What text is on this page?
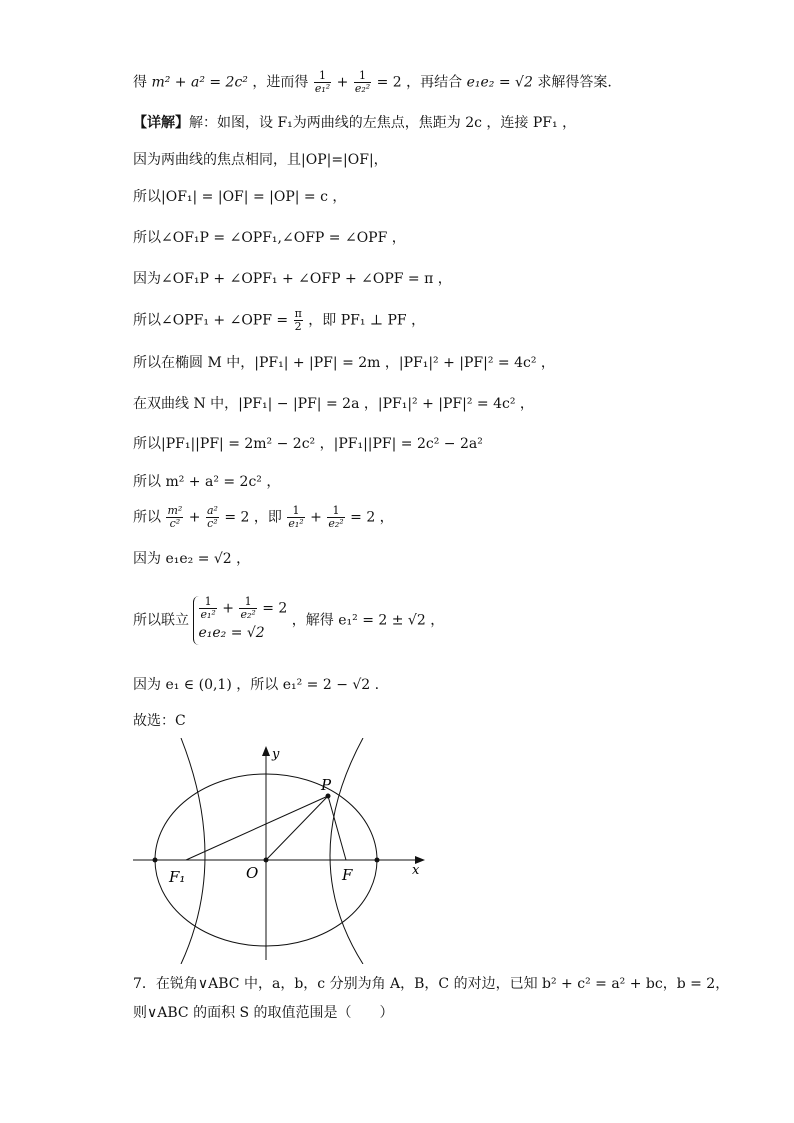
得 m² + a² = 2c² ，进而得 $\frac{1}{\text{e₁²}} + \frac{1}{\text{e₂²}} = 2$ ，再结合 e₁e₂ = √2 求解得答案.
【详解】解：如图，设 F₁为两曲线的左焦点，焦距为 2c ，连接 PF₁ ，
因为两曲线的焦点相同，且|OP|=|OF|，
所以|OF₁| = |OF| = |OP| = c ，
所以∠OF₁P = ∠OPF₁,∠OFP = ∠OPF ，
因为∠OF₁P + ∠OPF₁ + ∠OFP + ∠OPF = π ，
所以∠OPF₁ + ∠OPF = $\frac{\pi}{2}$ ，即 PF₁ ⊥ PF ，
所以在椭圆 M 中，|PF₁| + |PF| = 2m ，|PF₁|² + |PF|² = 4c² ，
在双曲线 N 中，|PF₁| − |PF| = 2a ，|PF₁|² + |PF|² = 4c² ，
所以|PF₁||PF| = 2m² − 2c² ，|PF₁||PF| = 2c² − 2a²
所以 m² + a² = 2c² ，
所以 $\frac{\text{m²}}{\text{c²}} + \frac{\text{a²}}{\text{c²}} = 2$ ，即 $\frac{1}{\text{e₁²}} + \frac{1}{\text{e₂²}} = 2$ ，
因为 e₁e₂ = √2 ，
所以联立 $\frac{1}{\text{e₁²}} + \frac{1}{\text{e₂²}} = 2$
e₁e₂ = √2
，解得 e₁² = 2 ± √2 ，
因为 e₁ ∈ (0,1) ，所以 e₁² = 2 − √2 .
故选：C
y
x
P
F₁	O	F
7．在锐角∨ABC 中，a，b，c 分别为角 A，B，C 的对边，已知 b² + c² = a² + bc，b = 2，
则∨ABC 的面积 S 的取值范围是（　　）
